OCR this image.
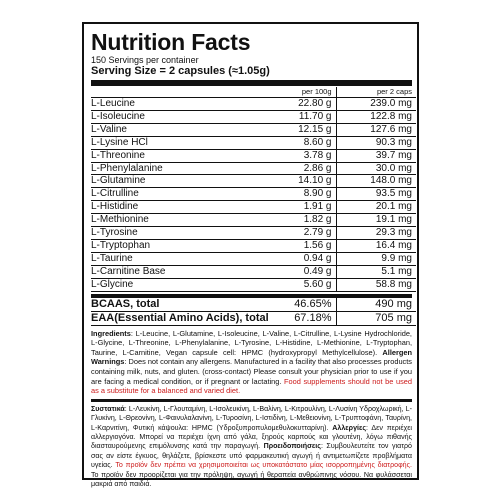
Nutrition Facts
150 Servings per container
Serving Size = 2 capsules (≈1.05g)
	per 100g	per 2 caps
L-Leucine	22.80 g	239.0 mg
L-Isoleucine	11.70 g	122.8 mg
L-Valine	12.15 g	127.6 mg
L-Lysine HCl	8.60 g	90.3 mg
L-Threonine	3.78 g	39.7 mg
L-Phenylalanine	2.86 g	30.0 mg
L-Glutamine	14.10 g	148.0 mg
L-Citrulline	8.90 g	93.5 mg
L-Histidine	1.91 g	20.1 mg
L-Methionine	1.82 g	19.1 mg
L-Tyrosine	2.79 g	29.3 mg
L-Tryptophan	1.56 g	16.4 mg
L-Taurine	0.94 g	9.9 mg
L-Carnitine Base	0.49 g	5.1 mg
L-Glycine	5.60 g	58.8 mg
BCAAS, total	46.65%	490 mg
EAA(Essential Amino Acids), total	67.18%	705 mg
Ingredients: L-Leucine, L-Glutamine, L-Isoleucine, L-Valine, L-Citrulline, L-Lysine Hydrochloride, L-Glycine, L-Threonine, L-Phenylalanine, L-Tyrosine, L-Histidine, L-Methionine, L-Tryptophan, Taurine, L-Carnitine, Vegan capsule cell: HPMC (hydroxypropyl Methylcellulose). Allergen Warnings: Does not contain any allergens. Manufactured in a facility that also processes products containing milk, nuts, and gluten. (cross-contact) Please consult your physician prior to use if you are facing a medical condition, or if pregnant or lactating. Food supplements should not be used as a substitute for a balanced and varied diet.
Συστατικά: L-Λευκίνη, L-Γλουταμίνη, L-Ισολευκίνη, L-Βαλίνη, L-Κιτρουλίνη, L-Λυσίνη Υδροχλωρική, L-Γλυκίνη, L-Θρεονίνη, L-Φαινυλαλανίνη, L-Τυροσίνη, L-Ιστιδίνη, L-Μεθειονίνη, L-Τρυπτοφάνη, Ταυρίνη, L-Καρνιτίνη, Φυτική κάψουλα: HPMC (Υδροξυπροπυλομεθυλοκυτταρίνη). Αλλεργίες: Δεν περιέχει αλλεργιογόνα. Μπορεί να περιέχει ίχνη από γάλα, ξηρούς καρπούς και γλουτένη, λόγω πιθανής διασταυρούμενης επιμόλυνσης κατά την παραγωγή. Προειδοποιήσεις: Συμβουλευτείτε τον γιατρό σας αν είστε έγκυος, θηλάζετε, βρίσκεστε υπό φαρμακευτική αγωγή ή αντιμετωπίζετε προβλήματα υγείας. Το προϊόν δεν πρέπει να χρησιμοποιείται ως υποκατάστατο μίας ισορροπημένης διατροφής. Το προϊόν δεν προορίζεται για την πρόληψη, αγωγή ή θεραπεία ανθρώπινης νόσου. Να φυλάσσεται μακριά από παιδιά.
